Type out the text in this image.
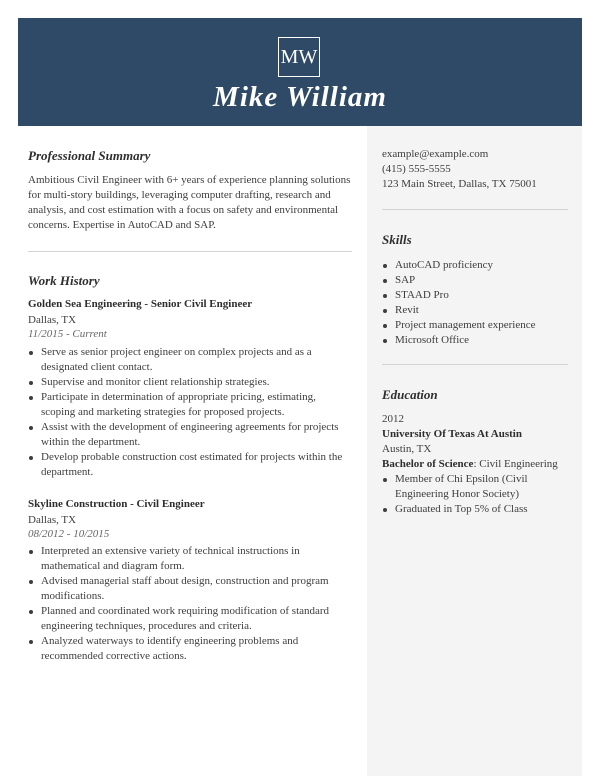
MW
Mike William
Professional Summary
Ambitious Civil Engineer with 6+ years of experience planning solutions for multi-story buildings, leveraging computer drafting, research and analysis, and cost estimation with a focus on safety and environmental concerns. Expertise in AutoCAD and SAP.
Work History
Golden Sea Engineering - Senior Civil Engineer
Dallas, TX
11/2015 - Current
Serve as senior project engineer on complex projects and as a designated client contact.
Supervise and monitor client relationship strategies.
Participate in determination of appropriate pricing, estimating, scoping and marketing strategies for proposed projects.
Assist with the development of engineering agreements for projects within the department.
Develop probable construction cost estimated for projects within the department.
Skyline Construction - Civil Engineer
Dallas, TX
08/2012 - 10/2015
Interpreted an extensive variety of technical instructions in mathematical and diagram form.
Advised managerial staff about design, construction and program modifications.
Planned and coordinated work requiring modification of standard engineering techniques, procedures and criteria.
Analyzed waterways to identify engineering problems and recommended corrective actions.
example@example.com
(415) 555-5555
123 Main Street, Dallas, TX 75001
Skills
AutoCAD proficiency
SAP
STAAD Pro
Revit
Project management experience
Microsoft Office
Education
2012
University Of Texas At Austin
Austin, TX
Bachelor of Science: Civil Engineering
Member of Chi Epsilon (Civil Engineering Honor Society)
Graduated in Top 5% of Class
